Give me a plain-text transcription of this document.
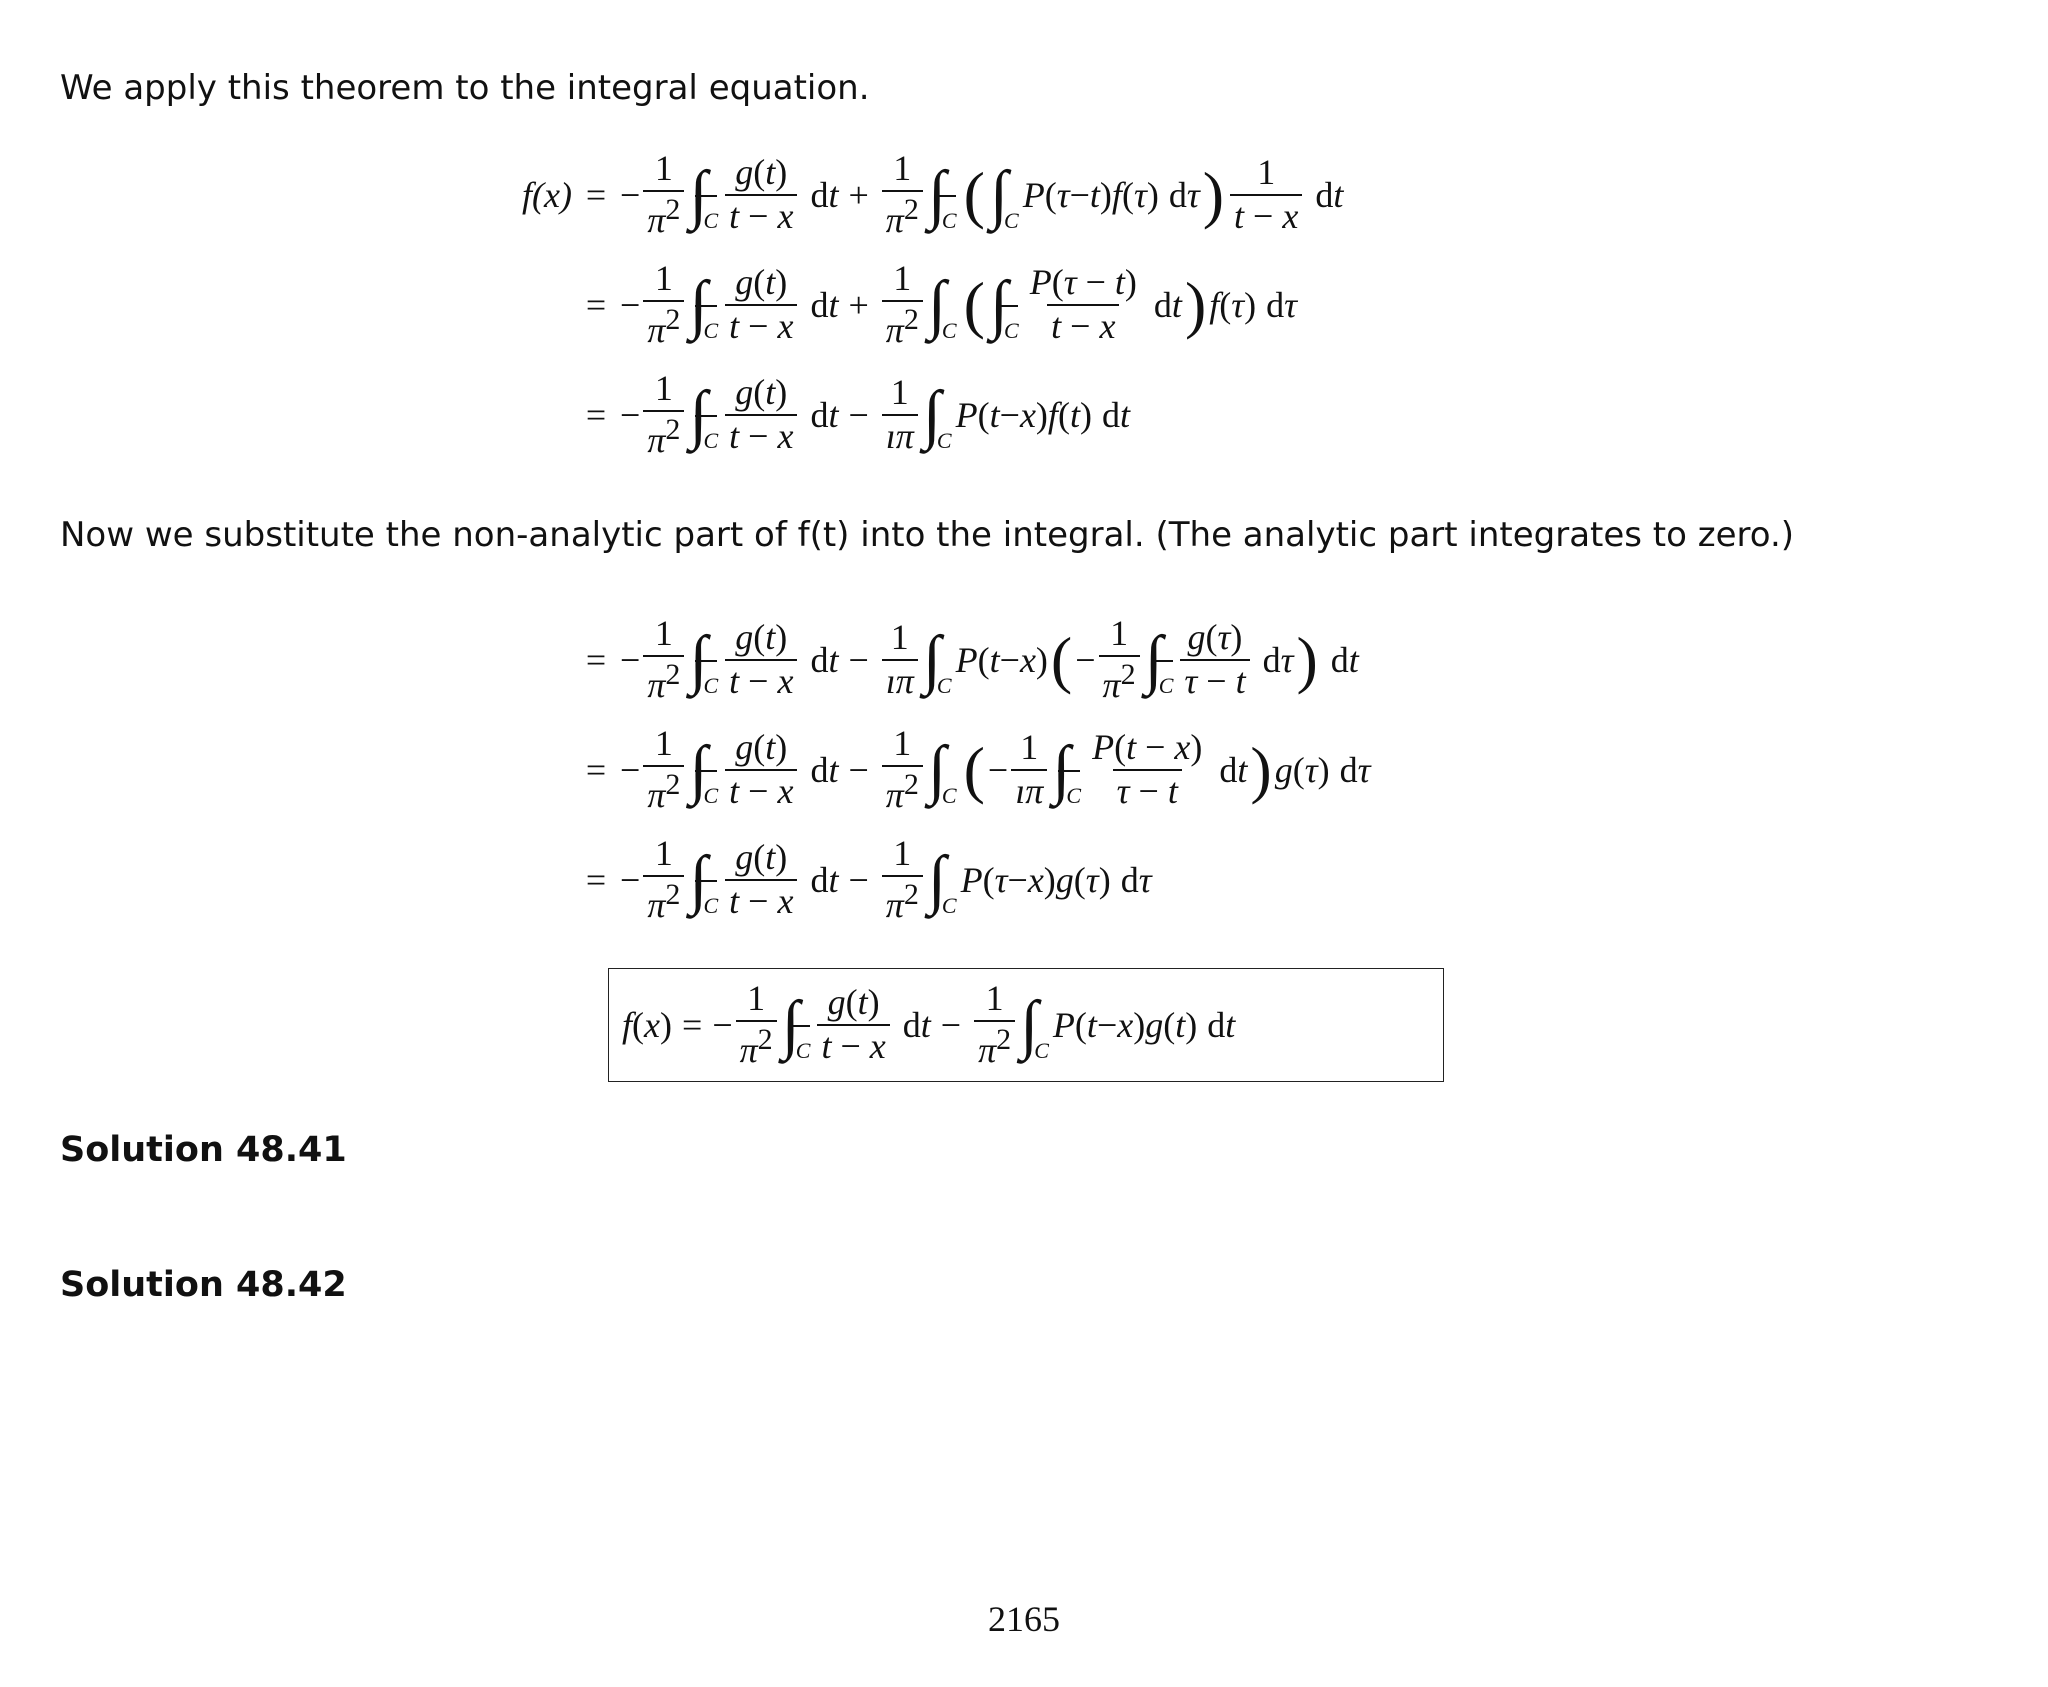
We apply this theorem to the integral equation.
f(x) = − $\frac{1}{\pi^2}$ ∫
C $\frac{g(t)}{t - x}$ d $t + \frac{1}{\pi^2}$ ∫
C ( ∫
C
P ( τ − t ) f ( τ ) d τ ) $\frac{1}{t - x}$ d t
= − $\frac{1}{\pi^2}$ ∫
C $\frac{g(t)}{t - x}$ d $t + \frac{1}{\pi^2}$ ∫
C ( ∫
C $\frac{P(\tau - t)}{t - x}$ d t ) f ( τ ) d τ
= − $\frac{1}{\pi^2}$ ∫
C $\frac{g(t)}{t - x}$ d $t - \frac{1}{ı\pi}$ ∫
C
P ( t − x ) f ( t ) d t
Now we substitute the non-analytic part of f(t) into the integral. (The analytic part integrates to zero.)
= − $\frac{1}{\pi^2}$ ∫
C $\frac{g(t)}{t - x}$ d $t - \frac{1}{ı\pi}$ ∫
C
P ( t − x ) ( − $\frac{1}{\pi^2}$ ∫
C $\frac{g(\tau)}{\tau - t}$ d τ ) d t
= − $\frac{1}{\pi^2}$ ∫
C $\frac{g(t)}{t - x}$ d $t - \frac{1}{\pi^2}$ ∫
C ( − $\frac{1}{ı\pi}$ ∫
C $\frac{P(t - x)}{\tau - t}$ d t ) g ( τ ) d τ
= − $\frac{1}{\pi^2}$ ∫
C $\frac{g(t)}{t - x}$ d $t - \frac{1}{\pi^2}$ ∫
C
P ( τ − x ) g ( τ ) d τ
f ( x ) = − $\frac{1}{\pi^2}$ ∫
C $\frac{g(t)}{t - x}$ d $t - \frac{1}{\pi^2}$ ∫
C
P ( t − x ) g ( t ) d t
Solution 48.41
Solution 48.42
2165
